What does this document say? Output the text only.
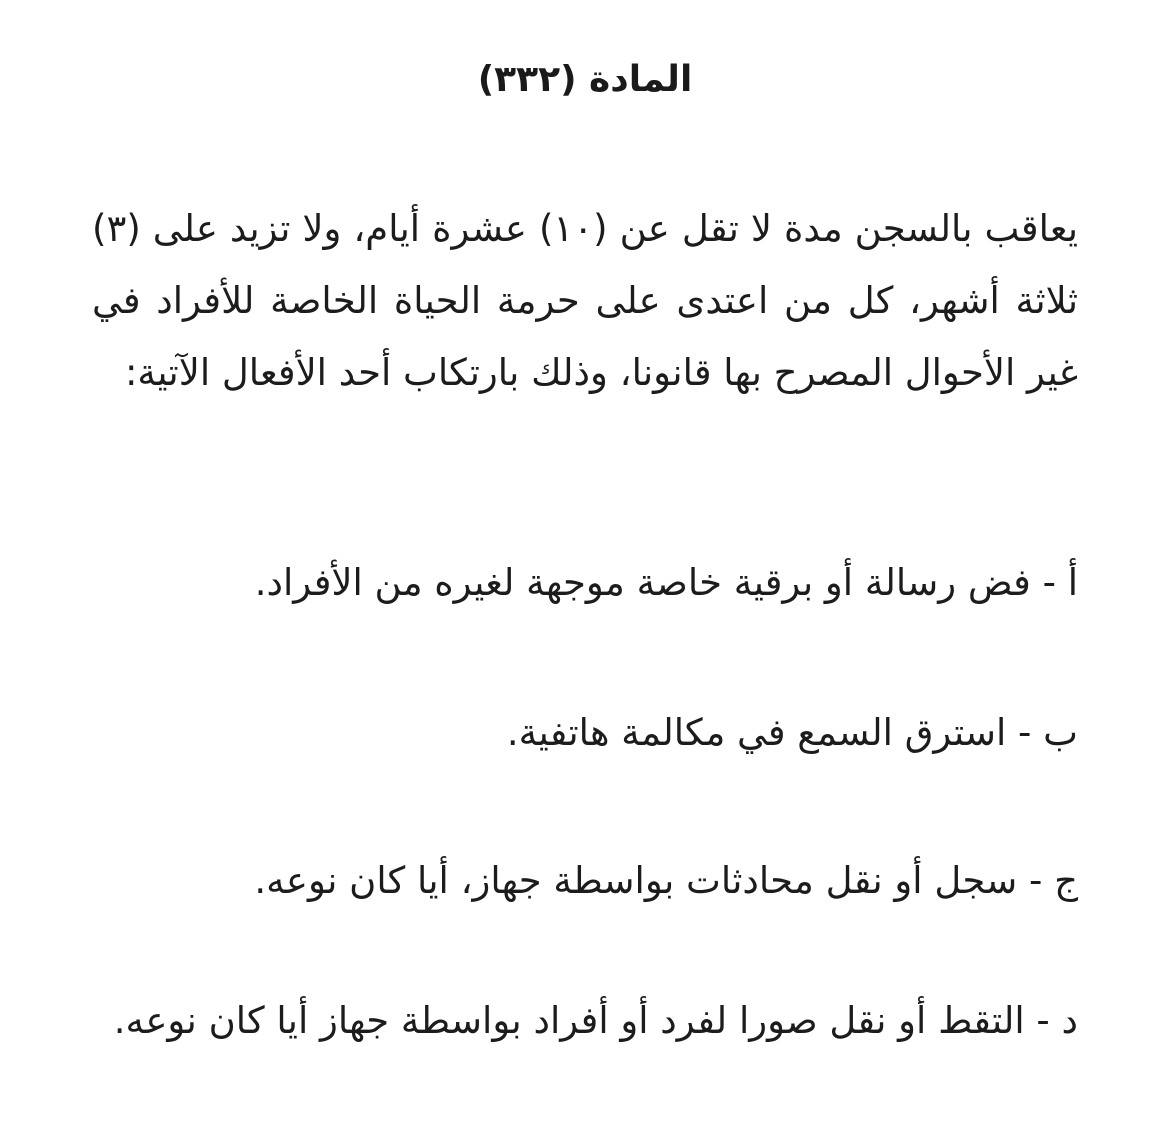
المادة (٣٣٢)

يعاقب بالسجن مدة لا تقل عن (١٠) عشرة أيام، ولا تزيد على (٣) ثلاثة أشهر، كل من اعتدى على حرمة الحياة الخاصة للأفراد في غير الأحوال المصرح بها قانونا، وذلك بارتكاب أحد الأفعال الآتية:

أ - فض رسالة أو برقية خاصة موجهة لغيره من الأفراد.

ب - استرق السمع في مكالمة هاتفية.

ج - سجل أو نقل محادثات بواسطة جهاز، أيا كان نوعه.

د - التقط أو نقل صورا لفرد أو أفراد بواسطة جهاز أيا كان نوعه.
